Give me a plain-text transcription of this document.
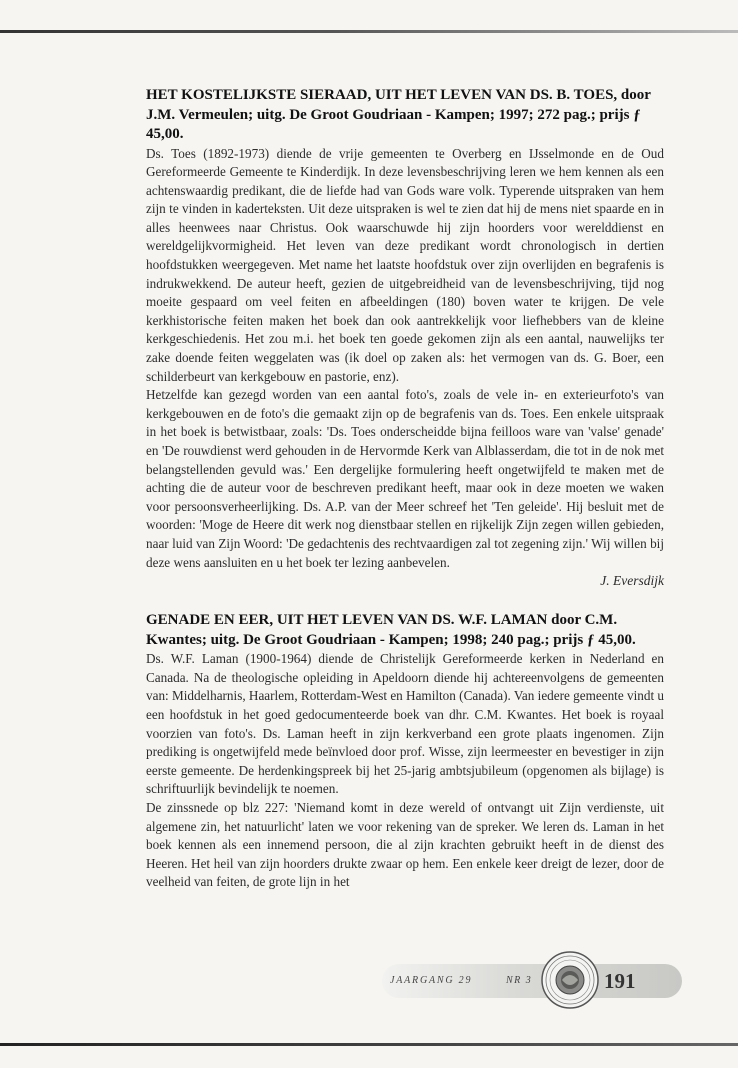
HET KOSTELIJKSTE SIERAAD, UIT HET LEVEN VAN DS. B. TOES, door J.M. Vermeulen; uitg. De Groot Goudriaan - Kampen; 1997; 272 pag.; prijs ƒ 45,00.

Ds. Toes (1892-1973) diende de vrije gemeenten te Overberg en IJsselmonde en de Oud Gereformeerde Gemeente te Kinderdijk. In deze levensbeschrijving leren we hem kennen als een achtenswaardig predikant, die de liefde had van Gods ware volk. Typerende uitspraken van hem zijn te vinden in kaderteksten. Uit deze uitspraken is wel te zien dat hij de mens niet spaarde en in alles heenwees naar Christus. Ook waarschuwde hij zijn hoorders voor werelddienst en wereldgelijkvormigheid. Het leven van deze predikant wordt chronologisch in dertien hoofdstukken weergegeven. Met name het laatste hoofdstuk over zijn overlijden en begrafenis is indrukwekkend. De auteur heeft, gezien de uitgebreidheid van de levensbeschrijving, tijd nog moeite gespaard om veel feiten en afbeeldingen (180) boven water te krijgen. De vele kerkhistorische feiten maken het boek dan ook aantrekkelijk voor liefhebbers van de kleine kerkgeschiedenis. Het zou m.i. het boek ten goede gekomen zijn als een aantal, nauwelijks ter zake doende feiten weggelaten was (ik doel op zaken als: het vermogen van ds. G. Boer, een schilderbeurt van kerkgebouw en pastorie, enz).

Hetzelfde kan gezegd worden van een aantal foto's, zoals de vele in- en exterieurfoto's van kerkgebouwen en de foto's die gemaakt zijn op de begrafenis van ds. Toes. Een enkele uitspraak in het boek is betwistbaar, zoals: 'Ds. Toes onderscheidde bijna feilloos ware van 'valse' genade' en 'De rouwdienst werd gehouden in de Hervormde Kerk van Alblasserdam, die tot in de nok met belangstellenden gevuld was.' Een dergelijke formulering heeft ongetwijfeld te maken met de achting die de auteur voor de beschreven predikant heeft, maar ook in deze moeten we waken voor persoonsverheerlijking. Ds. A.P. van der Meer schreef het 'Ten geleide'. Hij besluit met de woorden: 'Moge de Heere dit werk nog dienstbaar stellen en rijkelijk Zijn zegen willen gebieden, naar luid van Zijn Woord: 'De gedachtenis des rechtvaardigen zal tot zegening zijn.' Wij willen bij deze wens aansluiten en u het boek ter lezing aanbevelen.

J. Eversdijk

GENADE EN EER, UIT HET LEVEN VAN DS. W.F. LAMAN door C.M. Kwantes; uitg. De Groot Goudriaan - Kampen; 1998; 240 pag.; prijs ƒ 45,00.

Ds. W.F. Laman (1900-1964) diende de Christelijk Gereformeerde kerken in Nederland en Canada. Na de theologische opleiding in Apeldoorn diende hij achtereenvolgens de gemeenten van: Middelharnis, Haarlem, Rotterdam-West en Hamilton (Canada). Van iedere gemeente vindt u een hoofdstuk in het goed gedocumenteerde boek van dhr. C.M. Kwantes. Het boek is royaal voorzien van foto's. Ds. Laman heeft in zijn kerkverband een grote plaats ingenomen. Zijn prediking is ongetwijfeld mede beïnvloed door prof. Wisse, zijn leermeester en bevestiger in zijn eerste gemeente. De herdenkingspreek bij het 25-jarig ambtsjubileum (opgenomen als bijlage) is schriftuurlijk bevindelijk te noemen.

De zinssnede op blz 227: 'Niemand komt in deze wereld of ontvangt uit Zijn verdienste, uit algemene zin, het natuurlicht' laten we voor rekening van de spreker. We leren ds. Laman in het boek kennen als een innemend persoon, die al zijn krachten gebruikt heeft in de dienst des Heeren. Het heil van zijn hoorders drukte zwaar op hem. Een enkele keer dreigt de lezer, door de veelheid van feiten, de grote lijn in het

JAARGANG 29	NR 3	191
